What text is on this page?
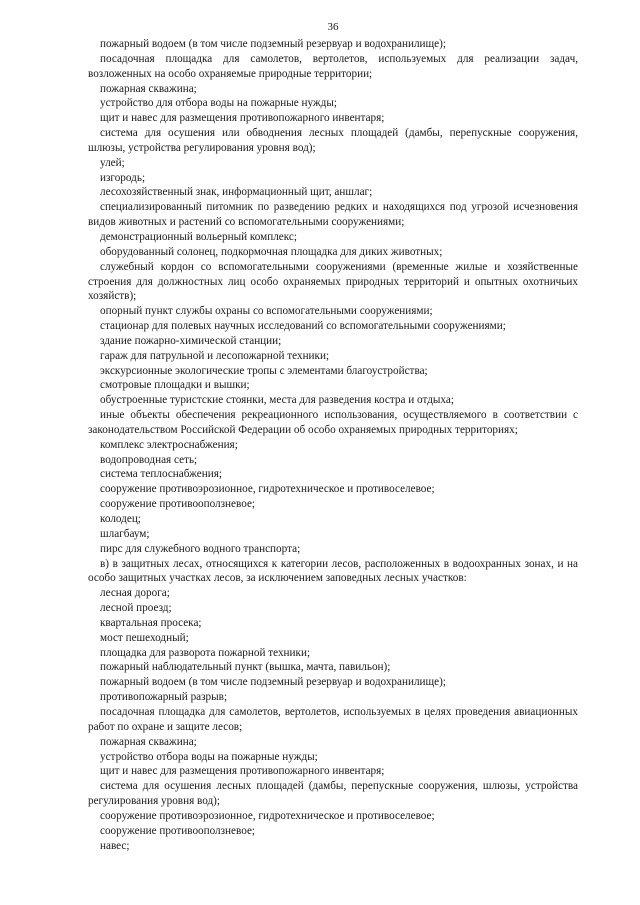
36

пожарный водоем (в том числе подземный резервуар и водохранилище);

посадочная площадка для самолетов, вертолетов, используемых для реализации задач, возложенных на особо охраняемые природные территории;

пожарная скважина;

устройство для отбора воды на пожарные нужды;

щит и навес для размещения противопожарного инвентаря;

система для осушения или обводнения лесных площадей (дамбы, перепускные сооружения, шлюзы, устройства регулирования уровня вод);

улей;

изгородь;

лесохозяйственный знак, информационный щит, аншлаг;

специализированный питомник по разведению редких и находящихся под угрозой исчезновения видов животных и растений со вспомогательными сооружениями;

демонстрационный вольерный комплекс;

оборудованный солонец, подкормочная площадка для диких животных;

служебный кордон со вспомогательными сооружениями (временные жилые и хозяйственные строения для должностных лиц особо охраняемых природных территорий и опытных охотничьих хозяйств);

опорный пункт службы охраны со вспомогательными сооружениями;

стационар для полевых научных исследований со вспомогательными сооружениями;

здание пожарно-химической станции;

гараж для патрульной и лесопожарной техники;

экскурсионные экологические тропы с элементами благоустройства;

смотровые площадки и вышки;

обустроенные туристские стоянки, места для разведения костра и отдыха;

иные объекты обеспечения рекреационного использования, осуществляемого в соответствии с законодательством Российской Федерации об особо охраняемых природных территориях;

комплекс электроснабжения;

водопроводная сеть;

система теплоснабжения;

сооружение противоэрозионное, гидротехническое и противоселевое;

сооружение противооползневое;

колодец;

шлагбаум;

пирс для служебного водного транспорта;

в) в защитных лесах, относящихся к категории лесов, расположенных в водоохранных зонах, и на особо защитных участках лесов, за исключением заповедных лесных участков:

лесная дорога;

лесной проезд;

квартальная просека;

мост пешеходный;

площадка для разворота пожарной техники;

пожарный наблюдательный пункт (вышка, мачта, павильон);

пожарный водоем (в том числе подземный резервуар и водохранилище);

противопожарный разрыв;

посадочная площадка для самолетов, вертолетов, используемых в целях проведения авиационных работ по охране и защите лесов;

пожарная скважина;

устройство отбора воды на пожарные нужды;

щит и навес для размещения противопожарного инвентаря;

система для осушения лесных площадей (дамбы, перепускные сооружения, шлюзы, устройства регулирования уровня вод);

сооружение противоэрозионное, гидротехническое и противоселевое;

сооружение противооползневое;

навес;
